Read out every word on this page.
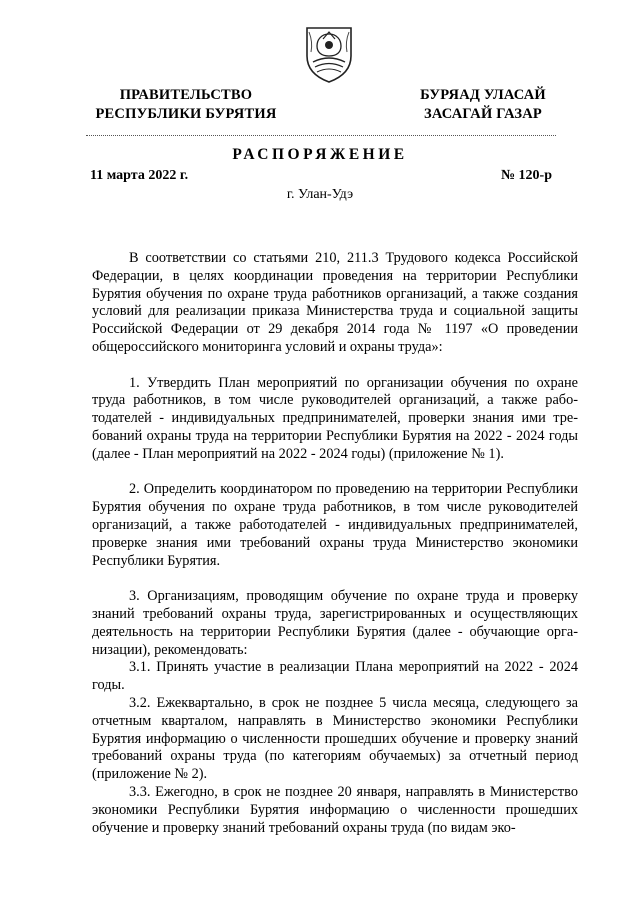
ПРАВИТЕЛЬСТВО
РЕСПУБЛИКИ БУРЯТИЯ
БУРЯАД УЛАСАЙ
ЗАСАГАЙ ГАЗАР
РАСПОРЯЖЕНИЕ
11 марта 2022 г.	№ 120-р
г. Улан-Удэ

В соответствии со статьями 210, 211.3 Трудового кодекса Российской Федерации, в целях координации проведения на территории Республики Бурятия обучения по охране труда работников организаций, а также создания условий для реализации приказа Министерства труда и социальной защиты Российской Федерации от 29 декабря 2014 года № 1197 «О проведении общероссийского мониторинга условий и охраны труда»:

1. Утвердить План мероприятий по организации обучения по охране труда работников, в том числе руководителей организаций, а также работодателей - индивидуальных предпринимателей, проверки знания ими требований охраны труда на территории Республики Бурятия на 2022 - 2024 годы (далее - План мероприятий на 2022 - 2024 годы) (приложение № 1).

2. Определить координатором по проведению на территории Республики Бурятия обучения по охране труда работников, в том числе руководителей организаций, а также работодателей - индивидуальных предпринимателей, проверке знания ими требований охраны труда Министерство экономики Республики Бурятия.

3. Организациям, проводящим обучение по охране труда и проверку знаний требований охраны труда, зарегистрированных и осуществляющих деятельность на территории Республики Бурятия (далее - обучающие организации), рекомендовать:

3.1. Принять участие в реализации Плана мероприятий на 2022 - 2024 годы.

3.2. Ежеквартально, в срок не позднее 5 числа месяца, следующего за отчетным кварталом, направлять в Министерство экономики Республики Бурятия информацию о численности прошедших обучение и проверку знаний требований охраны труда (по категориям обучаемых) за отчетный период (приложение № 2).

3.3. Ежегодно, в срок не позднее 20 января, направлять в Министерство экономики Республики Бурятия информацию о численности прошедших обучение и проверку знаний требований охраны труда (по видам эко-
